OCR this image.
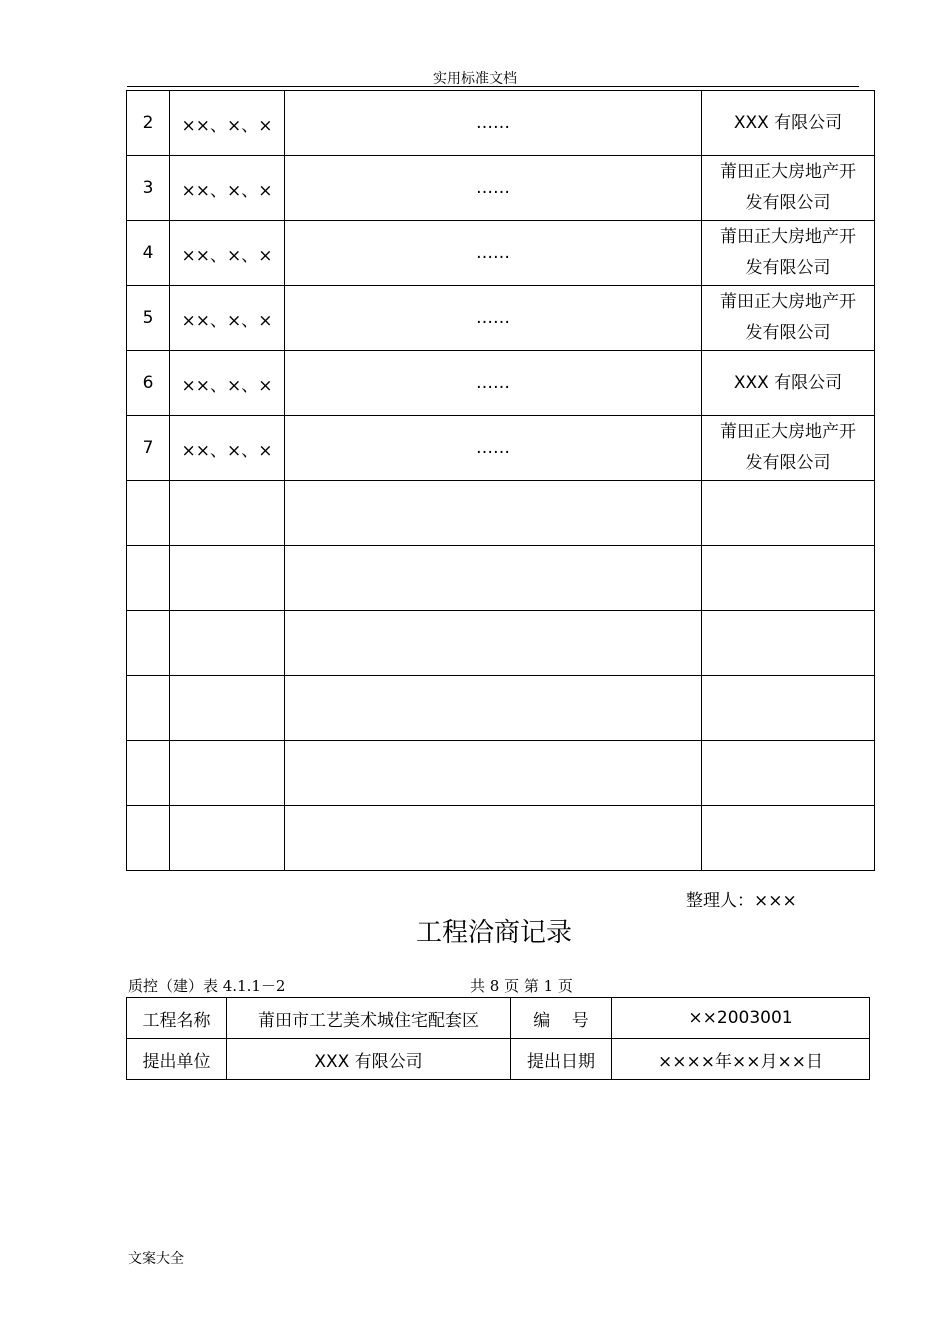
实用标准文档
2	××、×、×	……	XXX 有限公司
3	××、×、×	……	莆田正大房地产开
发有限公司
4	××、×、×	……	莆田正大房地产开
发有限公司
5	××、×、×	……	莆田正大房地产开
发有限公司
6	××、×、×	……	XXX 有限公司
7	××、×、×	……	莆田正大房地产开
发有限公司

整理人：×××
工程洽商记录
质控（建）表 4.1.1－2	共 8 页 第 1 页
工程名称	莆田市工艺美术城住宅配套区	编    号	××2003001
提出单位	XXX 有限公司	提出日期	××××年××月××日
文案大全
